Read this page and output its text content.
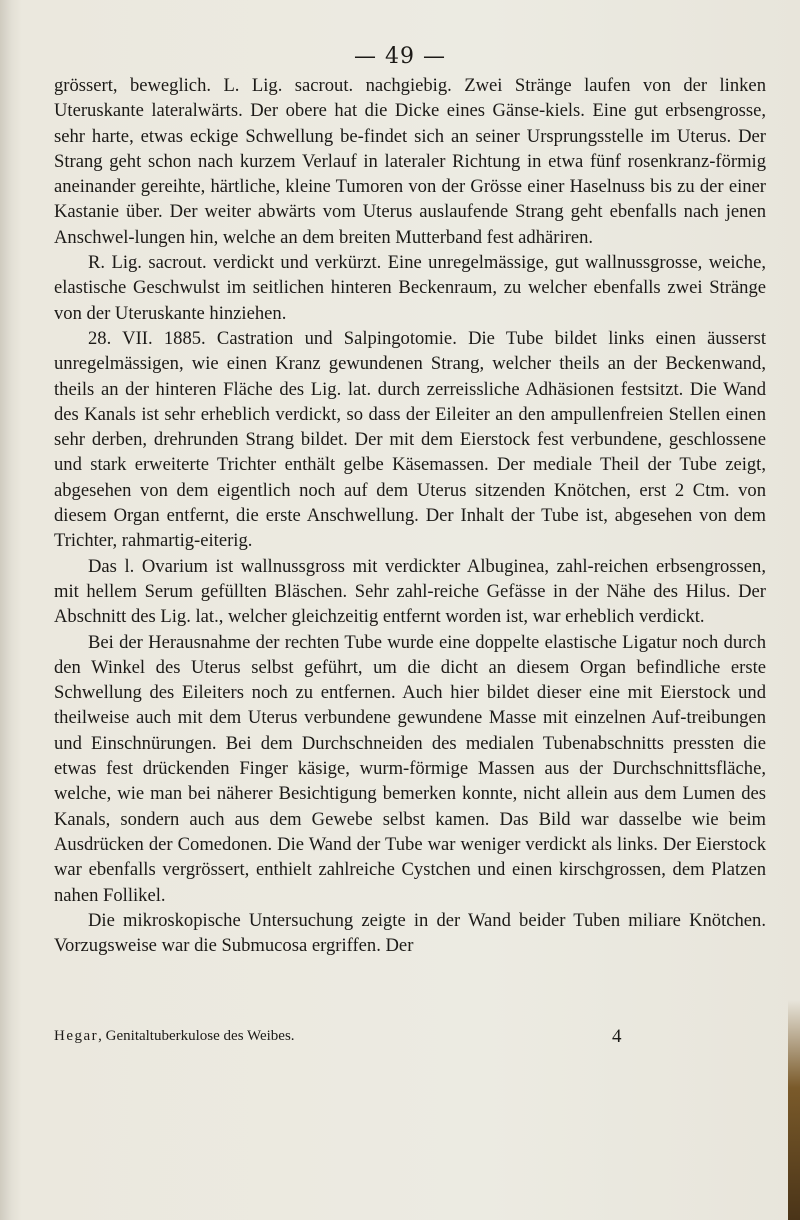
— 49 —

grössert, beweglich. L. Lig. sacrout. nachgiebig. Zwei Stränge laufen von der linken Uteruskante lateralwärts. Der obere hat die Dicke eines Gänse-kiels. Eine gut erbsengrosse, sehr harte, etwas eckige Schwellung be-findet sich an seiner Ursprungsstelle im Uterus. Der Strang geht schon nach kurzem Verlauf in lateraler Richtung in etwa fünf rosenkranz-förmig aneinander gereihte, härtliche, kleine Tumoren von der Grösse einer Haselnuss bis zu der einer Kastanie über. Der weiter abwärts vom Uterus auslaufende Strang geht ebenfalls nach jenen Anschwel-lungen hin, welche an dem breiten Mutterband fest adhäriren.

R. Lig. sacrout. verdickt und verkürzt. Eine unregelmässige, gut wallnussgrosse, weiche, elastische Geschwulst im seitlichen hinteren Beckenraum, zu welcher ebenfalls zwei Stränge von der Uteruskante hinziehen.

28. VII. 1885. Castration und Salpingotomie. Die Tube bildet links einen äusserst unregelmässigen, wie einen Kranz gewundenen Strang, welcher theils an der Beckenwand, theils an der hinteren Fläche des Lig. lat. durch zerreissliche Adhäsionen festsitzt. Die Wand des Kanals ist sehr erheblich verdickt, so dass der Eileiter an den ampullenfreien Stellen einen sehr derben, drehrunden Strang bildet. Der mit dem Eierstock fest verbundene, geschlossene und stark erweiterte Trichter enthält gelbe Käsemassen. Der mediale Theil der Tube zeigt, abgesehen von dem eigentlich noch auf dem Uterus sitzenden Knötchen, erst 2 Ctm. von diesem Organ entfernt, die erste Anschwellung. Der Inhalt der Tube ist, abgesehen von dem Trichter, rahmartig-eiterig.

Das l. Ovarium ist wallnussgross mit verdickter Albuginea, zahl-reichen erbsengrossen, mit hellem Serum gefüllten Bläschen. Sehr zahl-reiche Gefässe in der Nähe des Hilus. Der Abschnitt des Lig. lat., welcher gleichzeitig entfernt worden ist, war erheblich verdickt.

Bei der Herausnahme der rechten Tube wurde eine doppelte elastische Ligatur noch durch den Winkel des Uterus selbst geführt, um die dicht an diesem Organ befindliche erste Schwellung des Eileiters noch zu entfernen. Auch hier bildet dieser eine mit Eierstock und theilweise auch mit dem Uterus verbundene gewundene Masse mit einzelnen Auf-treibungen und Einschnürungen. Bei dem Durchschneiden des medialen Tubenabschnitts pressten die etwas fest drückenden Finger käsige, wurm-förmige Massen aus der Durchschnittsfläche, welche, wie man bei näherer Besichtigung bemerken konnte, nicht allein aus dem Lumen des Kanals, sondern auch aus dem Gewebe selbst kamen. Das Bild war dasselbe wie beim Ausdrücken der Comedonen. Die Wand der Tube war weniger verdickt als links. Der Eierstock war ebenfalls vergrössert, enthielt zahlreiche Cystchen und einen kirschgrossen, dem Platzen nahen Follikel.

Die mikroskopische Untersuchung zeigte in der Wand beider Tuben miliare Knötchen. Vorzugsweise war die Submucosa ergriffen. Der

Hegar, Genitaltuberkulose des Weibes.	4
